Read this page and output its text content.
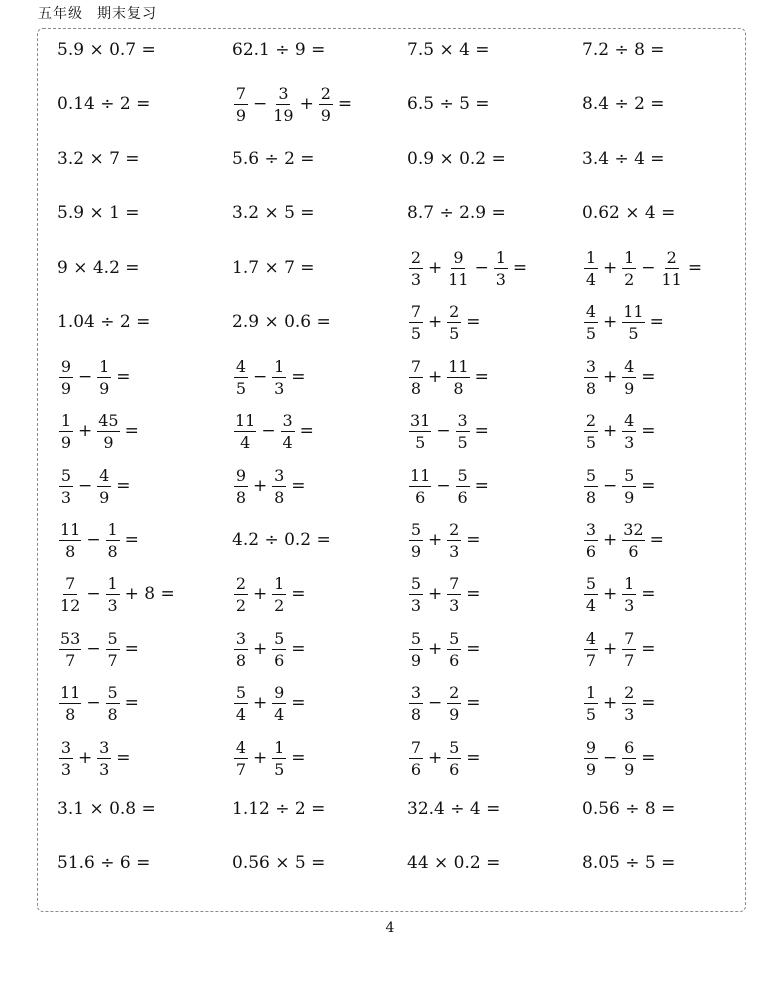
五年级 期末复习
5.9 × 0.7 =	62.1 ÷ 9 =	7.5 × 4 =	7.2 ÷ 8 =
0.14 ÷ 2 =	$\frac{7}{9} - \frac{3}{19} + \frac{2}{9}$ =	6.5 ÷ 5 =	8.4 ÷ 2 =
3.2 × 7 =	5.6 ÷ 2 =	0.9 × 0.2 =	3.4 ÷ 4 =
5.9 × 1 =	3.2 × 5 =	8.7 ÷ 2.9 =	0.62 × 4 =
9 × 4.2 =	1.7 × 7 =	$\frac{2}{3} + \frac{9}{11} - \frac{1}{3}$ =	$\frac{1}{4} + \frac{1}{2} - \frac{2}{11}$ =
1.04 ÷ 2 =	2.9 × 0.6 =	$\frac{7}{5} + \frac{2}{5}$ =	$\frac{4}{5} + \frac{11}{5}$ =
$\frac{9}{9} - \frac{1}{9}$ =	$\frac{4}{5} - \frac{1}{3}$ =	$\frac{7}{8} + \frac{11}{8}$ =	$\frac{3}{8} + \frac{4}{9}$ =
$\frac{1}{9} + \frac{45}{9}$ =	$\frac{11}{4} - \frac{3}{4}$ =	$\frac{31}{5} - \frac{3}{5}$ =	$\frac{2}{5} + \frac{4}{3}$ =
$\frac{5}{3} - \frac{4}{9}$ =	$\frac{9}{8} + \frac{3}{8}$ =	$\frac{11}{6} - \frac{5}{6}$ =	$\frac{5}{8} - \frac{5}{9}$ =
$\frac{11}{8} - \frac{1}{8}$ =	4.2 ÷ 0.2 =	$\frac{5}{9} + \frac{2}{3}$ =	$\frac{3}{6} + \frac{32}{6}$ =
$\frac{7}{12} - \frac{1}{3} + 8$ =	$\frac{2}{2} + \frac{1}{2}$ =	$\frac{5}{3} + \frac{7}{3}$ =	$\frac{5}{4} + \frac{1}{3}$ =
$\frac{53}{7} - \frac{5}{7}$ =	$\frac{3}{8} + \frac{5}{6}$ =	$\frac{5}{9} + \frac{5}{6}$ =	$\frac{4}{7} + \frac{7}{7}$ =
$\frac{11}{8} - \frac{5}{8}$ =	$\frac{5}{4} + \frac{9}{4}$ =	$\frac{3}{8} - \frac{2}{9}$ =	$\frac{1}{5} + \frac{2}{3}$ =
$\frac{3}{3} + \frac{3}{3}$ =	$\frac{4}{7} + \frac{1}{5}$ =	$\frac{7}{6} + \frac{5}{6}$ =	$\frac{9}{9} - \frac{6}{9}$ =
3.1 × 0.8 =	1.12 ÷ 2 =	32.4 ÷ 4 =	0.56 ÷ 8 =
51.6 ÷ 6 =	0.56 × 5 =	44 × 0.2 =	8.05 ÷ 5 =
4
